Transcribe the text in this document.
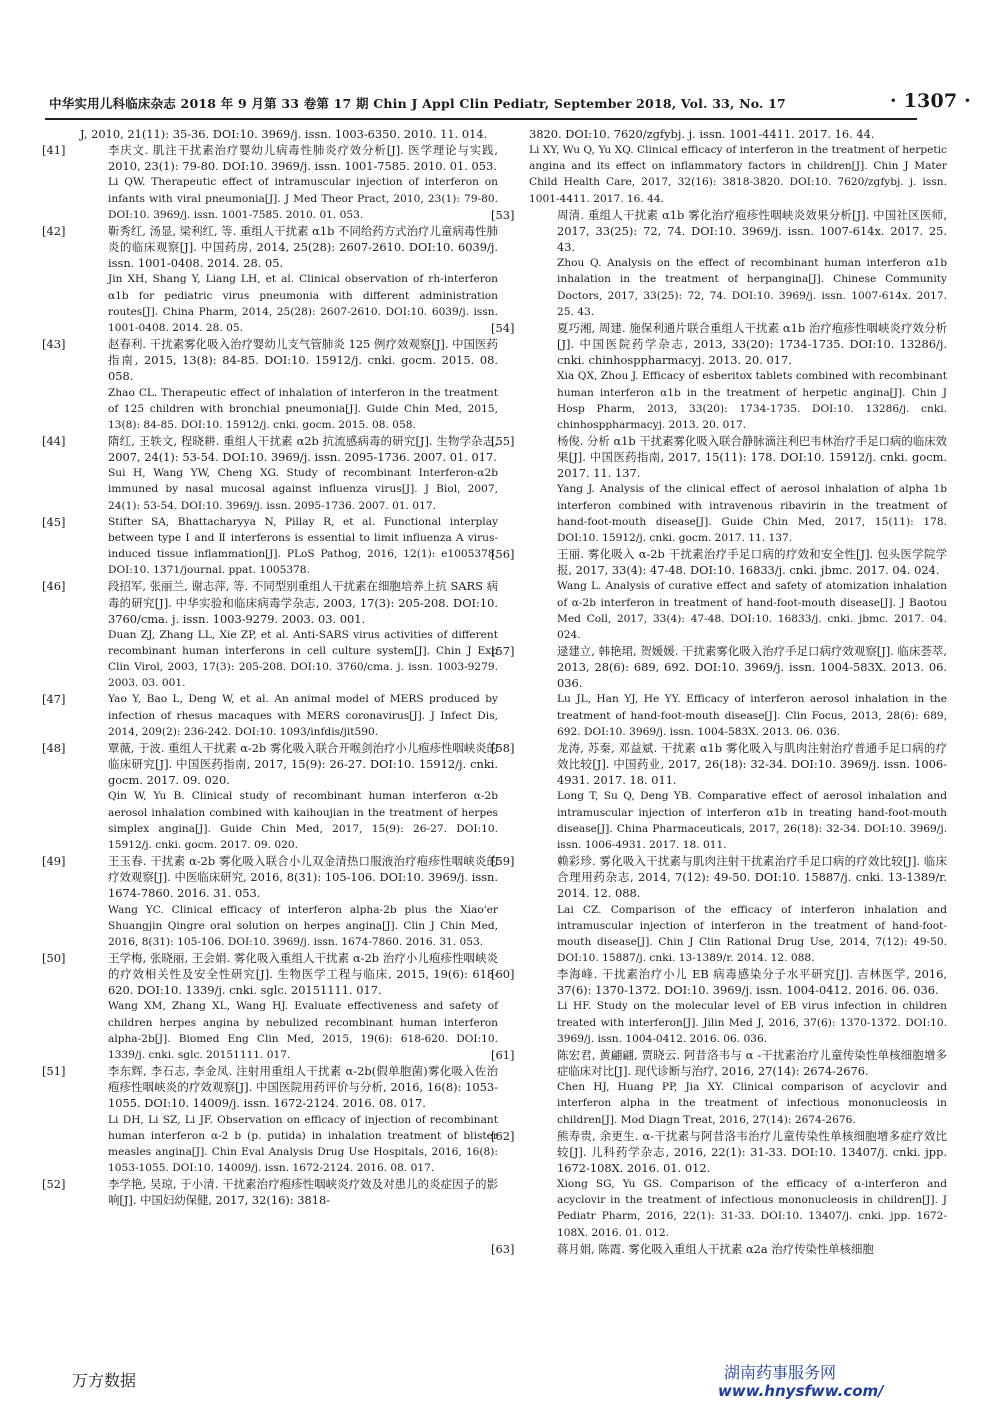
中华实用儿科临床杂志 2018 年 9 月第 33 卷第 17 期 Chin J Appl Clin Pediatr, September 2018, Vol. 33, No. 17	· 1307 ·

J, 2010, 21(11): 35-36. DOI:10. 3969/j. issn. 1003-6350. 2010. 11. 014.

[41]	李庆文. 肌注干扰素治疗婴幼儿病毒性肺炎疗效分析[J]. 医学理论与实践, 2010, 23(1): 79-80. DOI:10. 3969/j. issn. 1001-7585. 2010. 01. 053.

Li QW. Therapeutic effect of intramuscular injection of interferon on infants with viral pneumonia[J]. J Med Theor Pract, 2010, 23(1): 79-80. DOI:10. 3969/j. issn. 1001-7585. 2010. 01. 053.

[42]	靳秀红, 汤显, 梁利红, 等. 重组人干扰素 α1b 不同给药方式治疗儿童病毒性肺炎的临床观察[J]. 中国药房, 2014, 25(28): 2607-2610. DOI:10. 6039/j. issn. 1001-0408. 2014. 28. 05.

Jin XH, Shang Y, Liang LH, et al. Clinical observation of rh-interferon α1b for pediatric virus pneumonia with different administration routes[J]. China Pharm, 2014, 25(28): 2607-2610. DOI:10. 6039/j. issn. 1001-0408. 2014. 28. 05.

[43]	赵春利. 干扰素雾化吸入治疗婴幼儿支气管肺炎 125 例疗效观察[J]. 中国医药指南, 2015, 13(8): 84-85. DOI:10. 15912/j. cnki. gocm. 2015. 08. 058.

Zhao CL. Therapeutic effect of inhalation of interferon in the treatment of 125 children with bronchial pneumonia[J]. Guide Chin Med, 2015, 13(8): 84-85. DOI:10. 15912/j. cnki. gocm. 2015. 08. 058.

[44]	隋红, 王轶文, 程晓耕. 重组人干扰素 α2b 抗流感病毒的研究[J]. 生物学杂志, 2007, 24(1): 53-54. DOI:10. 3969/j. issn. 2095-1736. 2007. 01. 017.

Sui H, Wang YW, Cheng XG. Study of recombinant Interferon-α2b immuned by nasal mucosal against influenza virus[J]. J Biol, 2007, 24(1): 53-54. DOI:10. 3969/j. issn. 2095-1736. 2007. 01. 017.

[45]	Stifter SA, Bhattacharyya N, Pillay R, et al. Functional interplay between type Ⅰ and Ⅱ interferons is essential to limit influenza A virus-induced tissue inflammation[J]. PLoS Pathog, 2016, 12(1): e1005378. DOI:10. 1371/journal. ppat. 1005378.

[46]	段招军, 张丽兰, 谢志萍, 等. 不同型别重组人干扰素在细胞培养上抗 SARS 病毒的研究[J]. 中华实验和临床病毒学杂志, 2003, 17(3): 205-208. DOI:10. 3760/cma. j. issn. 1003-9279. 2003. 03. 001.

Duan ZJ, Zhang LL, Xie ZP, et al. Anti-SARS virus activities of different recombinant human interferons in cell culture system[J]. Chin J Exp Clin Virol, 2003, 17(3): 205-208. DOI:10. 3760/cma. j. issn. 1003-9279. 2003. 03. 001.

[47]	Yao Y, Bao L, Deng W, et al. An animal model of MERS produced by infection of rhesus macaques with MERS coronavirus[J]. J Infect Dis, 2014, 209(2): 236-242. DOI:10. 1093/infdis/jit590.

[48]	覃薇, 于波. 重组人干扰素 α-2b 雾化吸入联合开喉剑治疗小儿疱疹性咽峡炎的临床研究[J]. 中国医药指南, 2017, 15(9): 26-27. DOI:10. 15912/j. cnki. gocm. 2017. 09. 020.

Qin W, Yu B. Clinical study of recombinant human interferon α-2b aerosol inhalation combined with kaihoujian in the treatment of herpes simplex angina[J]. Guide Chin Med, 2017, 15(9): 26-27. DOI:10. 15912/j. cnki. gocm. 2017. 09. 020.

[49]	王玉春. 干扰素 α-2b 雾化吸入联合小儿双金清热口服液治疗疱疹性咽峡炎的疗效观察[J]. 中医临床研究, 2016, 8(31): 105-106. DOI:10. 3969/j. issn. 1674-7860. 2016. 31. 053.

Wang YC. Clinical efficacy of interferon alpha-2b plus the Xiao'er Shuangjin Qingre oral solution on herpes angina[J]. Clin J Chin Med, 2016, 8(31): 105-106. DOI:10. 3969/j. issn. 1674-7860. 2016. 31. 053.

[50]	王学梅, 张晓丽, 王会娟. 雾化吸入重组人干扰素 α-2b 治疗小儿疱疹性咽峡炎的疗效相关性及安全性研究[J]. 生物医学工程与临床, 2015, 19(6): 618-620. DOI:10. 1339/j. cnki. sglc. 20151111. 017.

Wang XM, Zhang XL, Wang HJ. Evaluate effectiveness and safety of children herpes angina by nebulized recombinant human interferon alpha-2b[J]. Biomed Eng Clin Med, 2015, 19(6): 618-620. DOI:10. 1339/j. cnki. sglc. 20151111. 017.

[51]	李东辉, 李石志, 李金凤. 注射用重组人干扰素 α-2b(假单胞菌)雾化吸入佐治疱疹性咽峡炎的疗效观察[J]. 中国医院用药评价与分析, 2016, 16(8): 1053-1055. DOI:10. 14009/j. issn. 1672-2124. 2016. 08. 017.

Li DH, Li SZ, Li JF. Observation on efficacy of injection of recombinant human interferon α-2 b (p. putida) in inhalation treatment of blister measles angina[J]. Chin Eval Analysis Drug Use Hospitals, 2016, 16(8): 1053-1055. DOI:10. 14009/j. issn. 1672-2124. 2016. 08. 017.

[52]	李学艳, 吴琼, 于小清. 干扰素治疗疱疹性咽峡炎疗效及对患儿的炎症因子的影响[J]. 中国妇幼保健, 2017, 32(16): 3818-

3820. DOI:10. 7620/zgfybj. j. issn. 1001-4411. 2017. 16. 44.

Li XY, Wu Q, Yu XQ. Clinical efficacy of interferon in the treatment of herpetic angina and its effect on inflammatory factors in children[J]. Chin J Mater Child Health Care, 2017, 32(16): 3818-3820. DOI:10. 7620/zgfybj. j. issn. 1001-4411. 2017. 16. 44.

[53]	周清. 重组人干扰素 α1b 雾化治疗疱疹性咽峡炎效果分析[J]. 中国社区医师, 2017, 33(25): 72, 74. DOI:10. 3969/j. issn. 1007-614x. 2017. 25. 43.

Zhou Q. Analysis on the effect of recombinant human interferon α1b inhalation in the treatment of herpangina[J]. Chinese Community Doctors, 2017, 33(25): 72, 74. DOI:10. 3969/j. issn. 1007-614x. 2017. 25. 43.

[54]	夏巧湘, 周建. 施保利通片联合重组人干扰素 α1b 治疗疱疹性咽峡炎疗效分析[J]. 中国医院药学杂志, 2013, 33(20): 1734-1735. DOI:10. 13286/j. cnki. chinhosppharmacyj. 2013. 20. 017.

Xia QX, Zhou J. Efficacy of esberitox tablets combined with recombinant human interferon α1b in the treatment of herpetic angina[J]. Chin J Hosp Pharm, 2013, 33(20): 1734-1735. DOI:10. 13286/j. cnki. chinhosppharmacyj. 2013. 20. 017.

[55]	杨俊. 分析 α1b 干扰素雾化吸入联合静脉滴注利巴韦林治疗手足口病的临床效果[J]. 中国医药指南, 2017, 15(11): 178. DOI:10. 15912/j. cnki. gocm. 2017. 11. 137.

Yang J. Analysis of the clinical effect of aerosol inhalation of alpha 1b interferon combined with intravenous ribavirin in the treatment of hand-foot-mouth disease[J]. Guide Chin Med, 2017, 15(11): 178. DOI:10. 15912/j. cnki. gocm. 2017. 11. 137.

[56]	王丽. 雾化吸入 α-2b 干扰素治疗手足口病的疗效和安全性[J]. 包头医学院学报, 2017, 33(4): 47-48. DOI:10. 16833/j. cnki. jbmc. 2017. 04. 024.

Wang L. Analysis of curative effect and safety of atomization inhalation of α-2b interferon in treatment of hand-foot-mouth disease[J]. J Baotou Med Coll, 2017, 33(4): 47-48. DOI:10. 16833/j. cnki. jbmc. 2017. 04. 024.

[57]	逯建立, 韩艳珺, 贺媛媛. 干扰素雾化吸入治疗手足口病疗效观察[J]. 临床荟萃, 2013, 28(6): 689, 692. DOI:10. 3969/j. issn. 1004-583X. 2013. 06. 036.

Lu JL, Han YJ, He YY. Efficacy of interferon aerosol inhalation in the treatment of hand-foot-mouth disease[J]. Clin Focus, 2013, 28(6): 689, 692. DOI:10. 3969/j. issn. 1004-583X. 2013. 06. 036.

[58]	龙涛, 苏秦, 邓益斌. 干扰素 α1b 雾化吸入与肌肉注射治疗普通手足口病的疗效比较[J]. 中国药业, 2017, 26(18): 32-34. DOI:10. 3969/j. issn. 1006-4931. 2017. 18. 011.

Long T, Su Q, Deng YB. Comparative effect of aerosol inhalation and intramuscular injection of interferon α1b in treating hand-foot-mouth disease[J]. China Pharmaceuticals, 2017, 26(18): 32-34. DOI:10. 3969/j. issn. 1006-4931. 2017. 18. 011.

[59]	赖彩珍. 雾化吸入干扰素与肌肉注射干扰素治疗手足口病的疗效比较[J]. 临床合理用药杂志, 2014, 7(12): 49-50. DOI:10. 15887/j. cnki. 13-1389/r. 2014. 12. 088.

Lai CZ. Comparison of the efficacy of interferon inhalation and intramuscular injection of interferon in the treatment of hand-foot-mouth disease[J]. Chin J Clin Rational Drug Use, 2014, 7(12): 49-50. DOI:10. 15887/j. cnki. 13-1389/r. 2014. 12. 088.

[60]	李海峰. 干扰素治疗小儿 EB 病毒感染分子水平研究[J]. 吉林医学, 2016, 37(6): 1370-1372. DOI:10. 3969/j. issn. 1004-0412. 2016. 06. 036.

Li HF. Study on the molecular level of EB virus infection in children treated with interferon[J]. Jilin Med J, 2016, 37(6): 1370-1372. DOI:10. 3969/j. issn. 1004-0412. 2016. 06. 036.

[61]	陈宏君, 黄翩翩, 贾晓云. 阿昔洛韦与 α -干扰素治疗儿童传染性单核细胞增多症临床对比[J]. 现代诊断与治疗, 2016, 27(14): 2674-2676.

Chen HJ, Huang PP, Jia XY. Clinical comparison of acyclovir and interferon alpha in the treatment of infectious mononucleosis in children[J]. Mod Diagn Treat, 2016, 27(14): 2674-2676.

[62]	熊寿贵, 余更生. α-干扰素与阿昔洛韦治疗儿童传染性单核细胞增多症疗效比较[J]. 儿科药学杂志, 2016, 22(1): 31-33. DOI:10. 13407/j. cnki. jpp. 1672-108X. 2016. 01. 012.

Xiong SG, Yu GS. Comparison of the efficacy of α-interferon and acyclovir in the treatment of infectious mononucleosis in children[J]. J Pediatr Pharm, 2016, 22(1): 31-33. DOI:10. 13407/j. cnki. jpp. 1672-108X. 2016. 01. 012.

[63]	蒋月娟, 陈霞. 雾化吸入重组人干扰素 α2a 治疗传染性单核细胞

万方数据	湖南药事服务网
www.hnysfww.com/
